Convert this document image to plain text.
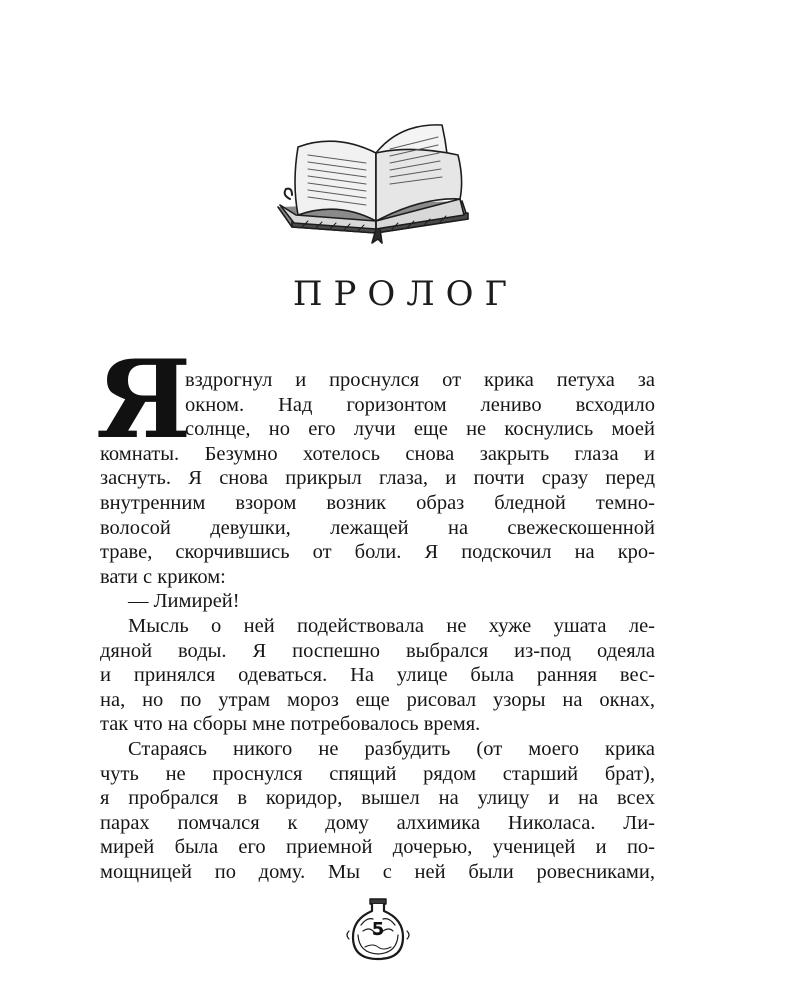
ПРОЛОГ
Я
вздрогнул и проснулся от крика петуха за
окном. Над горизонтом лениво всходило
солнце, но его лучи еще не коснулись моей
комнаты. Безумно хотелось снова закрыть глаза и
заснуть. Я снова прикрыл глаза, и почти сразу перед
внутренним взором возник образ бледной темно-
волосой девушки, лежащей на свежескошенной
траве, скорчившись от боли. Я подскочил на кро-
вати с криком:
— Лимирей!
Мысль о ней подействовала не хуже ушата ле-
дяной воды. Я поспешно выбрался из-под одеяла
и принялся одеваться. На улице была ранняя вес-
на, но по утрам мороз еще рисовал узоры на окнах,
так что на сборы мне потребовалось время.
Стараясь никого не разбудить (от моего крика
чуть не проснулся спящий рядом старший брат),
я пробрался в коридор, вышел на улицу и на всех
парах помчался к дому алхимика Николаса. Ли-
мирей была его приемной дочерью, ученицей и по-
мощницей по дому. Мы с ней были ровесниками,
5
